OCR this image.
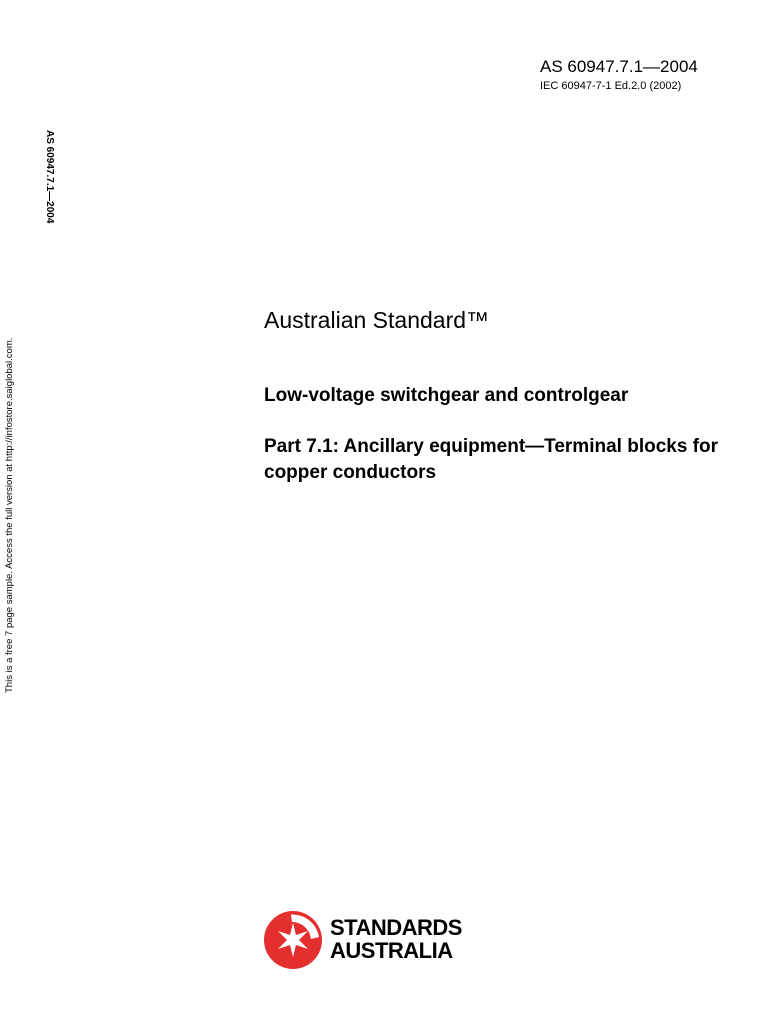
AS 60947.7.1—2004
IEC 60947-7-1 Ed.2.0 (2002)
AS 60947.7.1—2004
This is a free 7 page sample. Access the full version at http://infostore.saiglobal.com.
Australian Standard™
Low-voltage switchgear and controlgear
Part 7.1: Ancillary equipment—Terminal blocks for copper conductors
STANDARDS
AUSTRALIA
